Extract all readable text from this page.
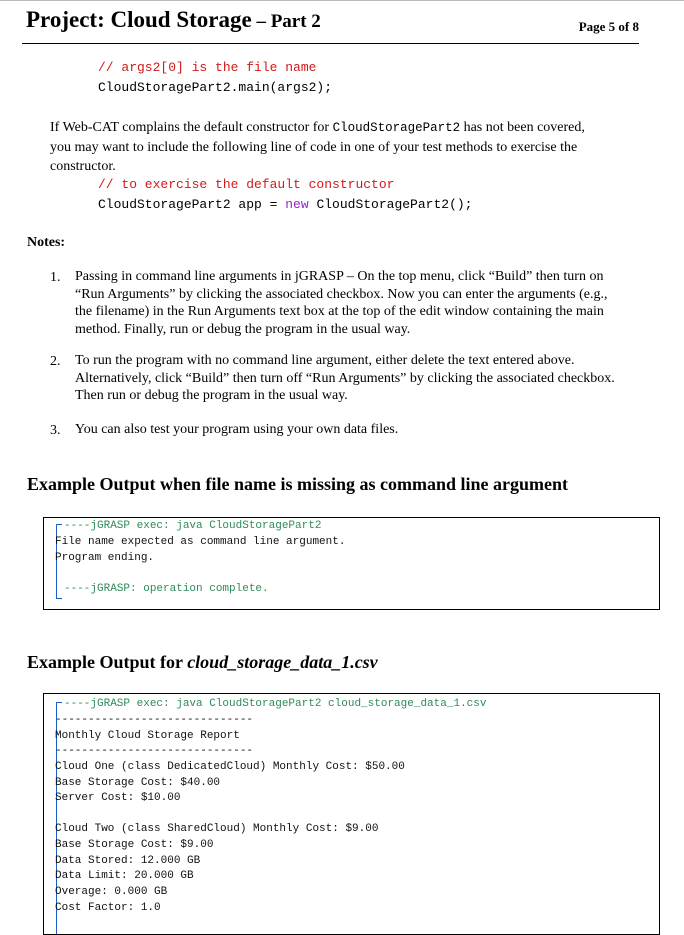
Project: Cloud Storage – Part 2	Page 5 of 8
// args2[0] is the file name
CloudStoragePart2.main(args2);
If Web-CAT complains the default constructor for CloudStoragePart2 has not been covered,
you may want to include the following line of code in one of your test methods to exercise the
constructor.
// to exercise the default constructor
CloudStoragePart2 app = new CloudStoragePart2();
Notes:
1. Passing in command line arguments in jGRASP – On the top menu, click “Build” then turn on
“Run Arguments” by clicking the associated checkbox. Now you can enter the arguments (e.g.,
the filename) in the Run Arguments text box at the top of the edit window containing the main
method. Finally, run or debug the program in the usual way.
2. To run the program with no command line argument, either delete the text entered above.
Alternatively, click “Build” then turn off “Run Arguments” by clicking the associated checkbox.
Then run or debug the program in the usual way.
3. You can also test your program using your own data files.
Example Output when file name is missing as command line argument
----jGRASP exec: java CloudStoragePart2
File name expected as command line argument.
Program ending.
----jGRASP: operation complete.
Example Output for cloud_storage_data_1.csv
----jGRASP exec: java CloudStoragePart2 cloud_storage_data_1.csv
------------------------------
Monthly Cloud Storage Report
------------------------------
Cloud One (class DedicatedCloud) Monthly Cost: $50.00
Base Storage Cost: $40.00
Server Cost: $10.00

Cloud Two (class SharedCloud) Monthly Cost: $9.00
Base Storage Cost: $9.00
Data Stored: 12.000 GB
Data Limit: 20.000 GB
Overage: 0.000 GB
Cost Factor: 1.0
